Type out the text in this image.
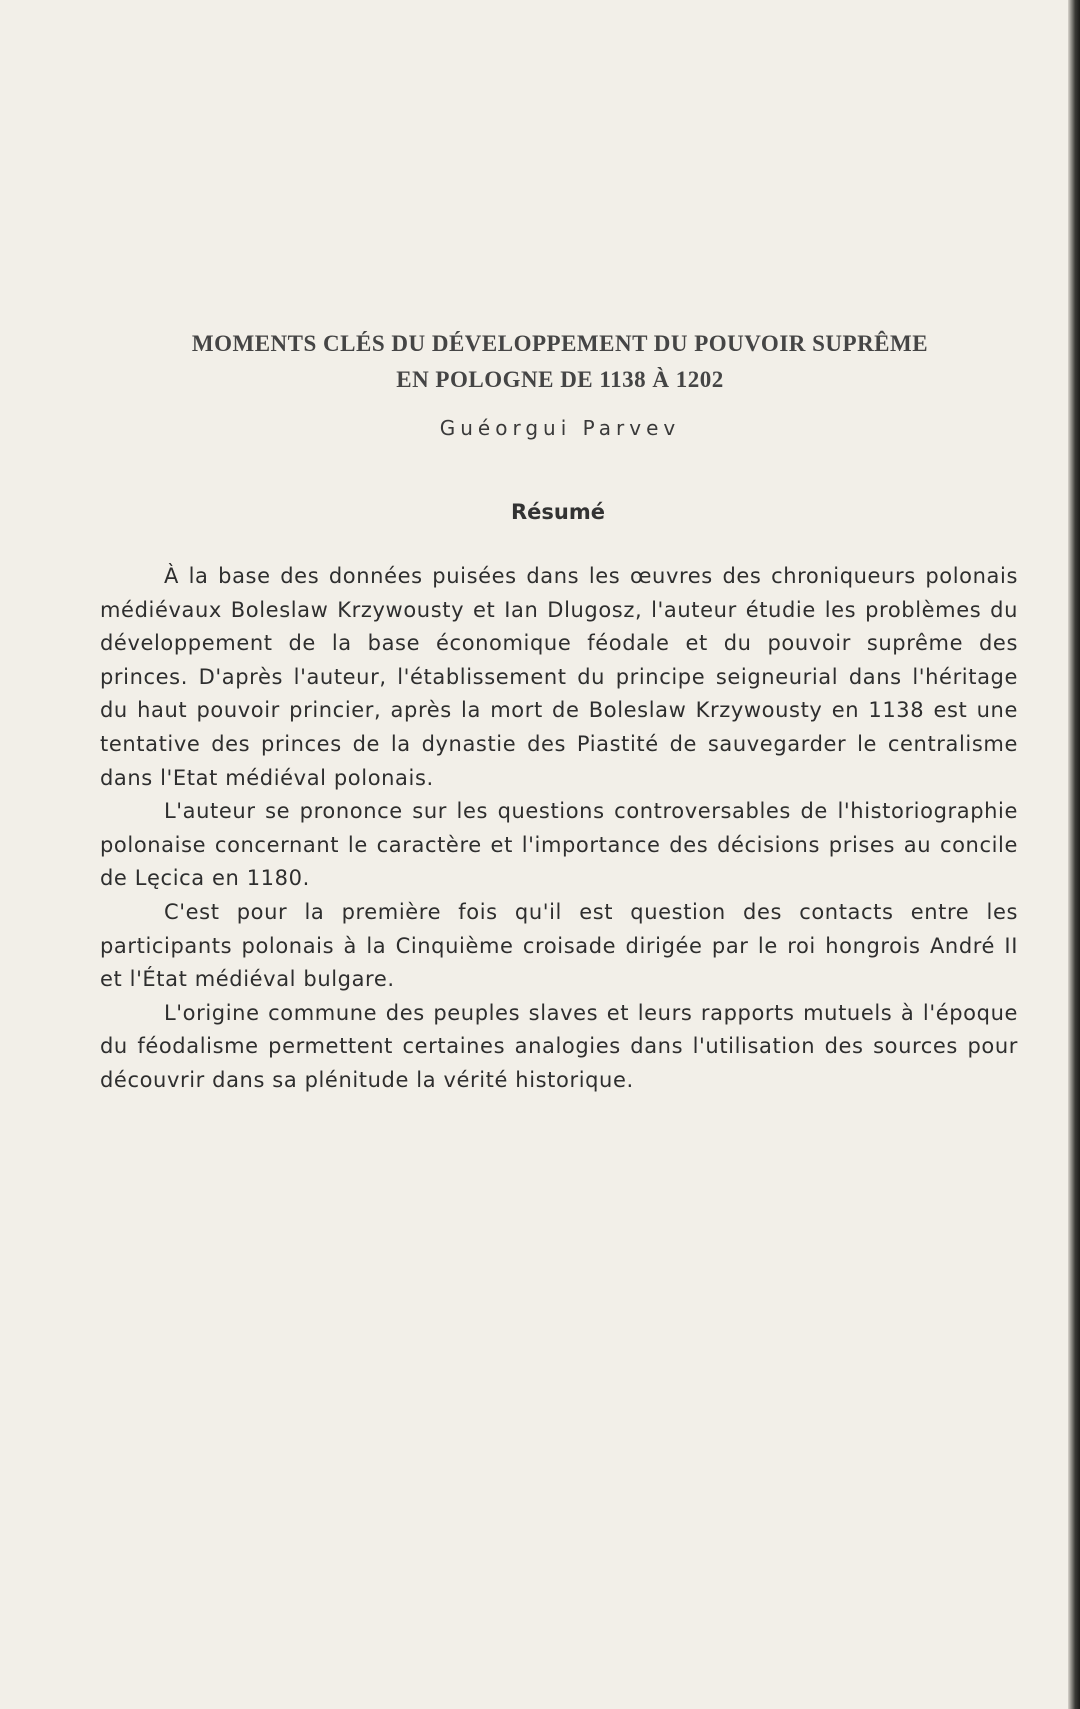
MOMENTS CLÉS DU DÉVELOPPEMENT DU POUVOIR SUPRÊME
EN POLOGNE DE 1138 À 1202

Guéorgui Parvev

Résumé

À la base des données puisées dans les œuvres des chroniqueurs polonais médiévaux Boleslaw Krzywousty et Ian Dlugosz, l'auteur étudie les problèmes du développement de la base économique féodale et du pouvoir suprême des princes. D'après l'auteur, l'établissement du principe seigneurial dans l'héritage du haut pouvoir princier, après la mort de Boleslaw Krzywousty en 1138 est une tentative des princes de la dynastie des Piastité de sauvegarder le centralisme dans l'Etat médiéval polonais.

L'auteur se prononce sur les questions controversables de l'historiographie polonaise concernant le caractère et l'importance des décisions prises au concile de Lęcica en 1180.

C'est pour la première fois qu'il est question des contacts entre les participants polonais à la Cinquième croisade dirigée par le roi hongrois André II et l'État médiéval bulgare.

L'origine commune des peuples slaves et leurs rapports mutuels à l'époque du féodalisme permettent certaines analogies dans l'utilisation des sources pour découvrir dans sa plénitude la vérité historique.
